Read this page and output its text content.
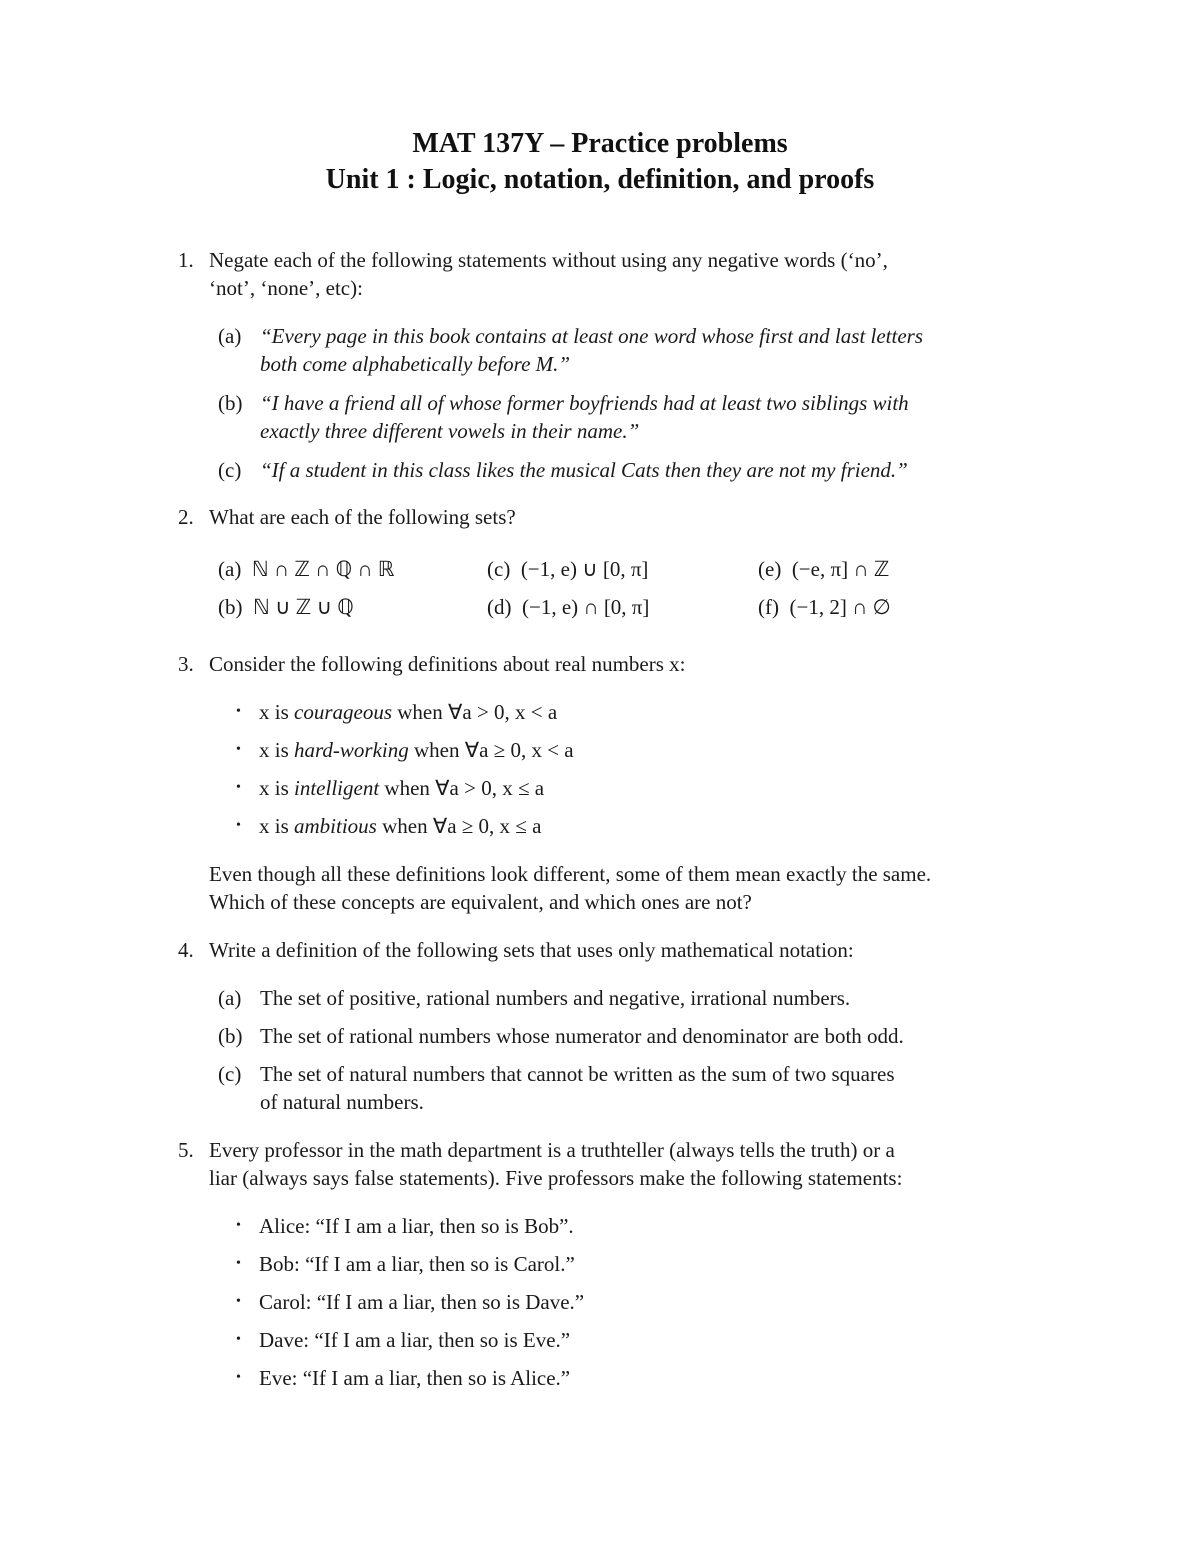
MAT 137Y – Practice problems
Unit 1 : Logic, notation, definition, and proofs
1. Negate each of the following statements without using any negative words (‘no’,
‘not’, ‘none’, etc):
(a) “Every page in this book contains at least one word whose first and last letters
both come alphabetically before M.”
(b) “I have a friend all of whose former boyfriends had at least two siblings with
exactly three different vowels in their name.”
(c) “If a student in this class likes the musical Cats then they are not my friend.”
2. What are each of the following sets?
(a) ℕ ∩ ℤ ∩ ℚ ∩ ℝ
(b) ℕ ∪ ℤ ∪ ℚ
(c) (−1, e) ∪ [0, π]
(d) (−1, e) ∩ [0, π]
(e) (−e, π] ∩ ℤ
(f) (−1, 2] ∩ ∅
3. Consider the following definitions about real numbers x:
• x is courageous when ∀a > 0, x < a
• x is hard-working when ∀a ≥ 0, x < a
• x is intelligent when ∀a > 0, x ≤ a
• x is ambitious when ∀a ≥ 0, x ≤ a
Even though all these definitions look different, some of them mean exactly the same.
Which of these concepts are equivalent, and which ones are not?
4. Write a definition of the following sets that uses only mathematical notation:
(a) The set of positive, rational numbers and negative, irrational numbers.
(b) The set of rational numbers whose numerator and denominator are both odd.
(c) The set of natural numbers that cannot be written as the sum of two squares
of natural numbers.
5. Every professor in the math department is a truthteller (always tells the truth) or a
liar (always says false statements). Five professors make the following statements:
• Alice: “If I am a liar, then so is Bob”.
• Bob: “If I am a liar, then so is Carol.”
• Carol: “If I am a liar, then so is Dave.”
• Dave: “If I am a liar, then so is Eve.”
• Eve: “If I am a liar, then so is Alice.”
